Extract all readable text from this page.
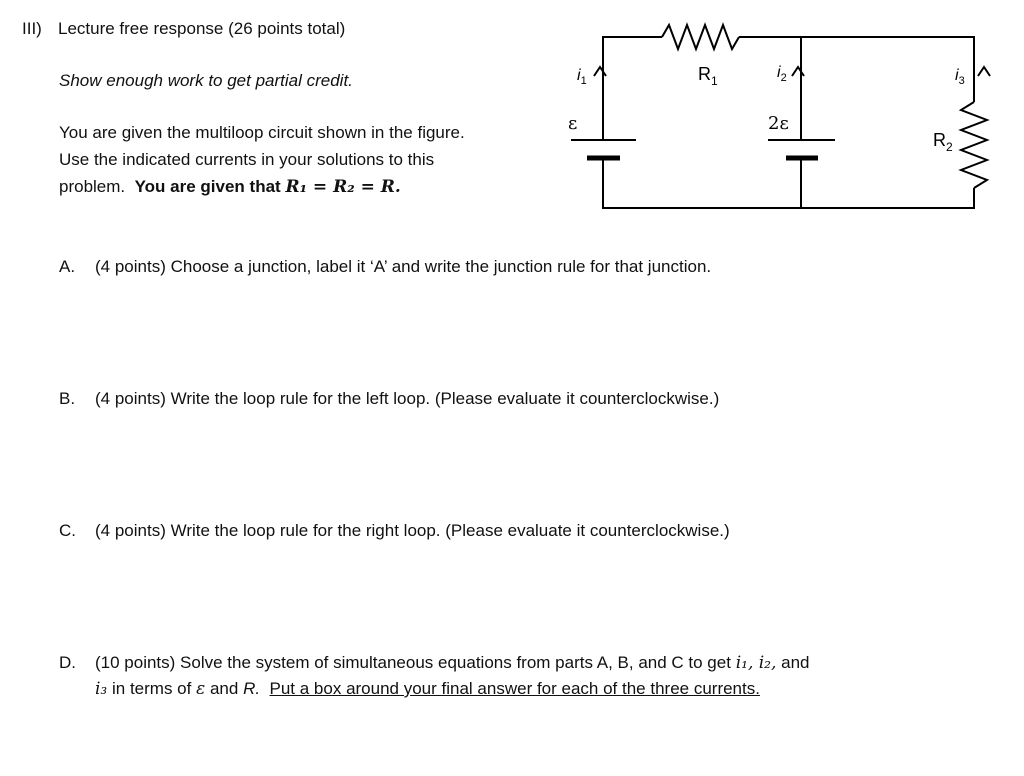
III) Lecture free response (26 points total)
Show enough work to get partial credit.
You are given the multiloop circuit shown in the figure.
Use the indicated currents in your solutions to this
problem. You are given that R₁ = R₂ = R.
$i_1$	$i_2$	$i_3$
$R_1$
$R_2$
ε	2ε
A. (4 points) Choose a junction, label it ‘A’ and write the junction rule for that junction.
B. (4 points) Write the loop rule for the left loop. (Please evaluate it counterclockwise.)
C. (4 points) Write the loop rule for the right loop. (Please evaluate it counterclockwise.)
D. (10 points) Solve the system of simultaneous equations from parts A, B, and C to get i₁, i₂, and
i₃ in terms of ε and R. Put a box around your final answer for each of the three currents.
